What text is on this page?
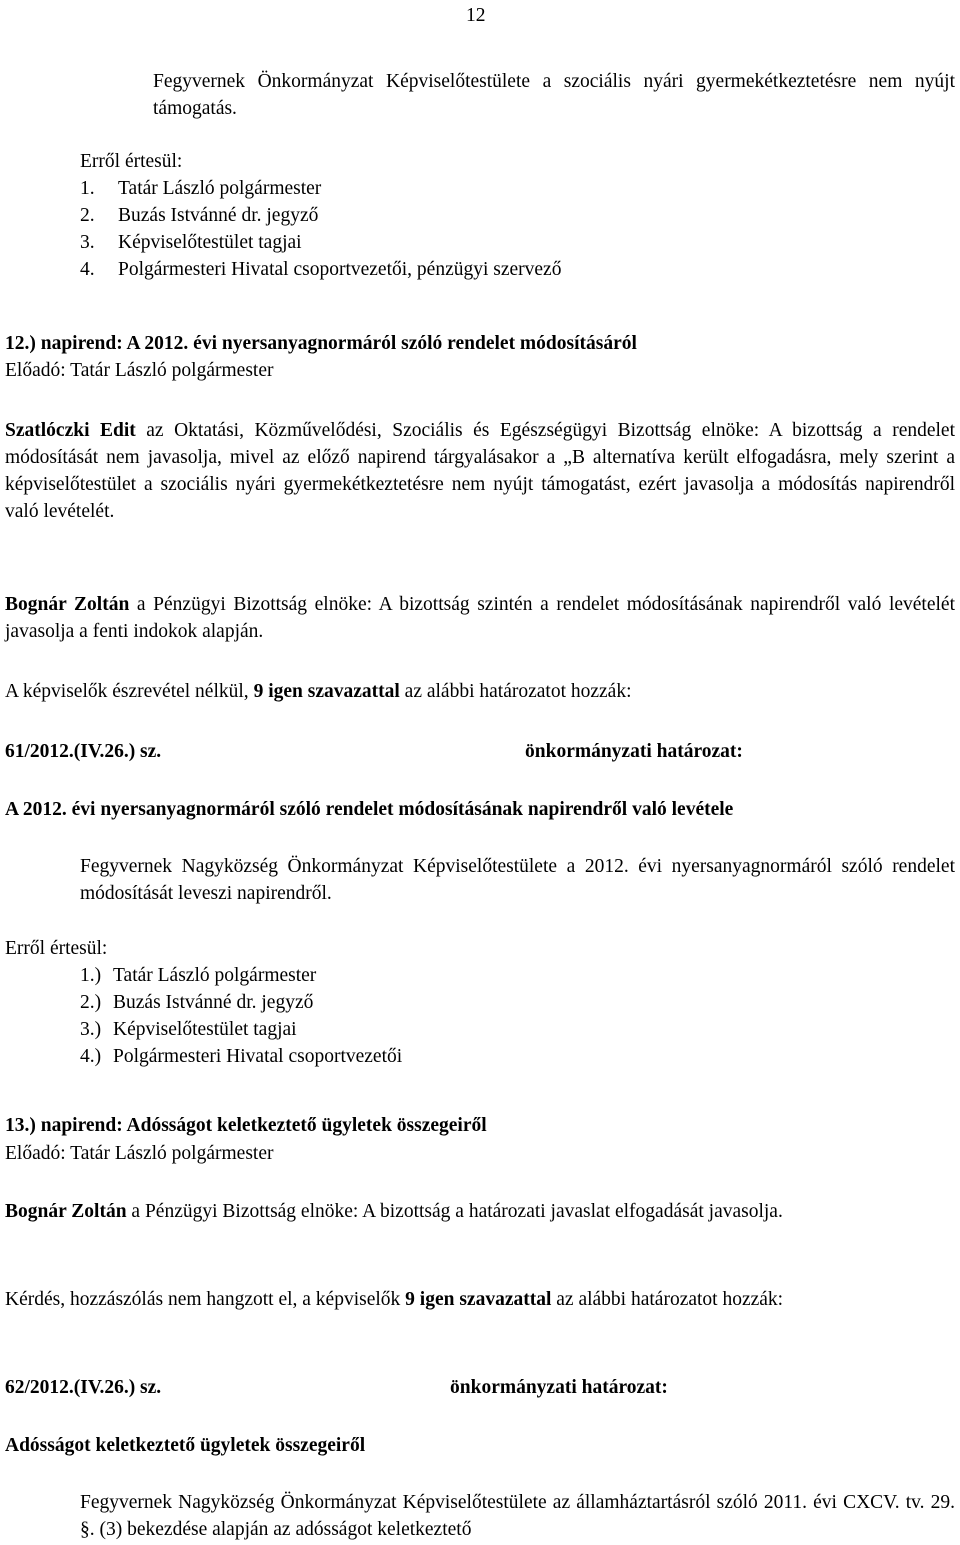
12

Fegyvernek Önkormányzat Képviselőtestülete a szociális nyári gyermekétkeztetésre nem nyújt támogatás.

Erről értesül:
1. Tatár László polgármester
2. Buzás Istvánné dr. jegyző
3. Képviselőtestület tagjai
4. Polgármesteri Hivatal csoportvezetői, pénzügyi szervező
12.) napirend: A 2012. évi nyersanyagnormáról szóló rendelet módosításáról
Előadó: Tatár László polgármester

Szatlóczki Edit az Oktatási, Közművelődési, Szociális és Egészségügyi Bizottság elnöke: A bizottság a rendelet módosítását nem javasolja, mivel az előző napirend tárgyalásakor a „B alternatíva került elfogadásra, mely szerint a képviselőtestület a szociális nyári gyermekétkeztetésre nem nyújt támogatást, ezért javasolja a módosítás napirendről való levételét.

Bognár Zoltán a Pénzügyi Bizottság elnöke: A bizottság szintén a rendelet módosításának napirendről való levételét javasolja a fenti indokok alapján.

A képviselők észrevétel nélkül, 9 igen szavazattal az alábbi határozatot hozzák:

61/2012.(IV.26.) sz.	önkormányzati határozat:
A 2012. évi nyersanyagnormáról szóló rendelet módosításának napirendről való levétele

Fegyvernek Nagyközség Önkormányzat Képviselőtestülete a 2012. évi nyersanyagnormáról szóló rendelet módosítását leveszi napirendről.

Erről értesül:
1.) Tatár László polgármester
2.) Buzás Istvánné dr. jegyző
3.) Képviselőtestület tagjai
4.) Polgármesteri Hivatal csoportvezetői
13.) napirend: Adósságot keletkeztető ügyletek összegeiről
Előadó: Tatár László polgármester

Bognár Zoltán a Pénzügyi Bizottság elnöke: A bizottság a határozati javaslat elfogadását javasolja.

Kérdés, hozzászólás nem hangzott el, a képviselők 9 igen szavazattal az alábbi határozatot hozzák:

62/2012.(IV.26.) sz.	önkormányzati határozat:
Adósságot keletkeztető ügyletek összegeiről

Fegyvernek Nagyközség Önkormányzat Képviselőtestülete az államháztartásról szóló 2011. évi CXCV. tv. 29. §. (3) bekezdése alapján az adósságot keletkeztető
